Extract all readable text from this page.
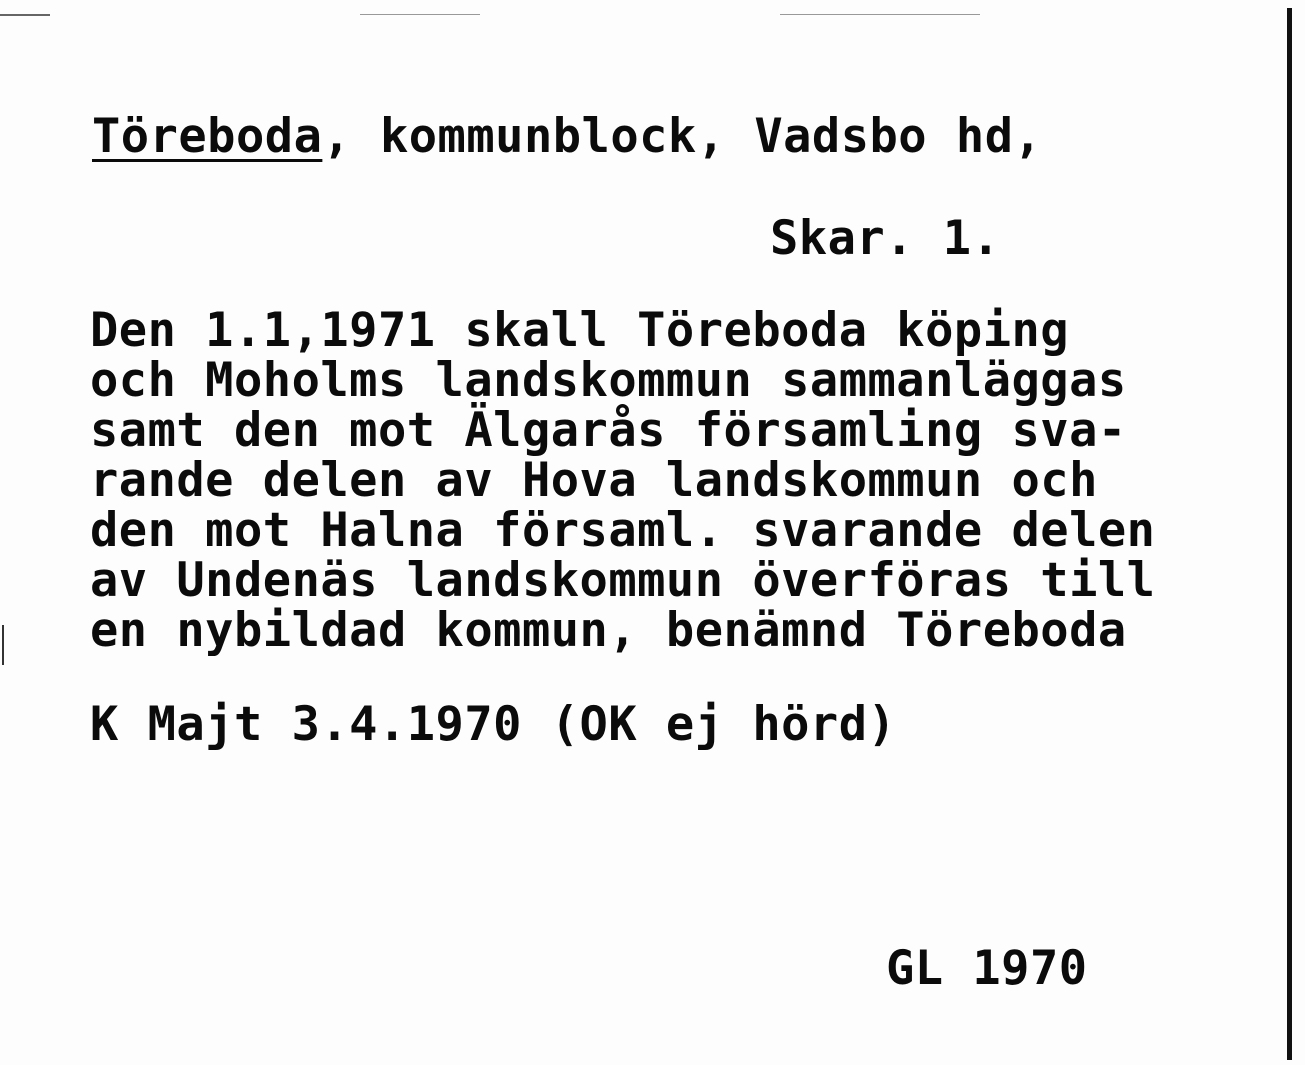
Töreboda, kommunblock, Vadsbo hd,
Skar. 1.
Den 1.1,1971 skall Töreboda köping
och Moholms landskommun sammanläggas
samt den mot Älgarås församling sva-
rande delen av Hova landskommun och
den mot Halna församl. svarande delen
av Undenäs landskommun överföras till
en nybildad kommun, benämnd Töreboda
K Majt 3.4.1970 (OK ej hörd)
GL 1970
